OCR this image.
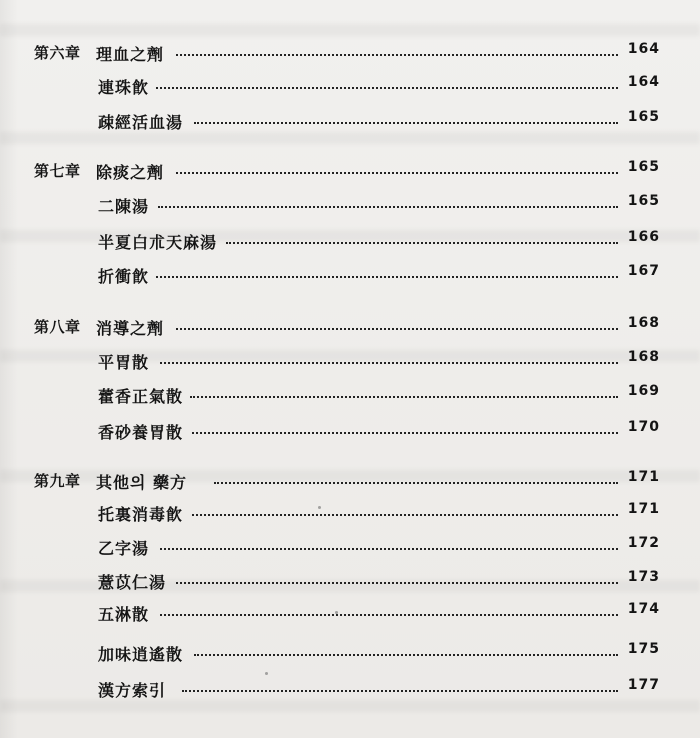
第六章 理血之劑	164
連珠飮	164
疎經活血湯	165
第七章 除痰之劑	165
二陳湯	165
半夏白朮天麻湯	166
折衝飮	167
第八章 消導之劑	168
平胃散	168
藿香正氣散	169
香砂養胃散	170
第九章 其他의 藥方	171
托裏消毒飮	171
乙字湯	172
薏苡仁湯	173
五淋散	174
加味逍遙散	175
漢方索引	177
